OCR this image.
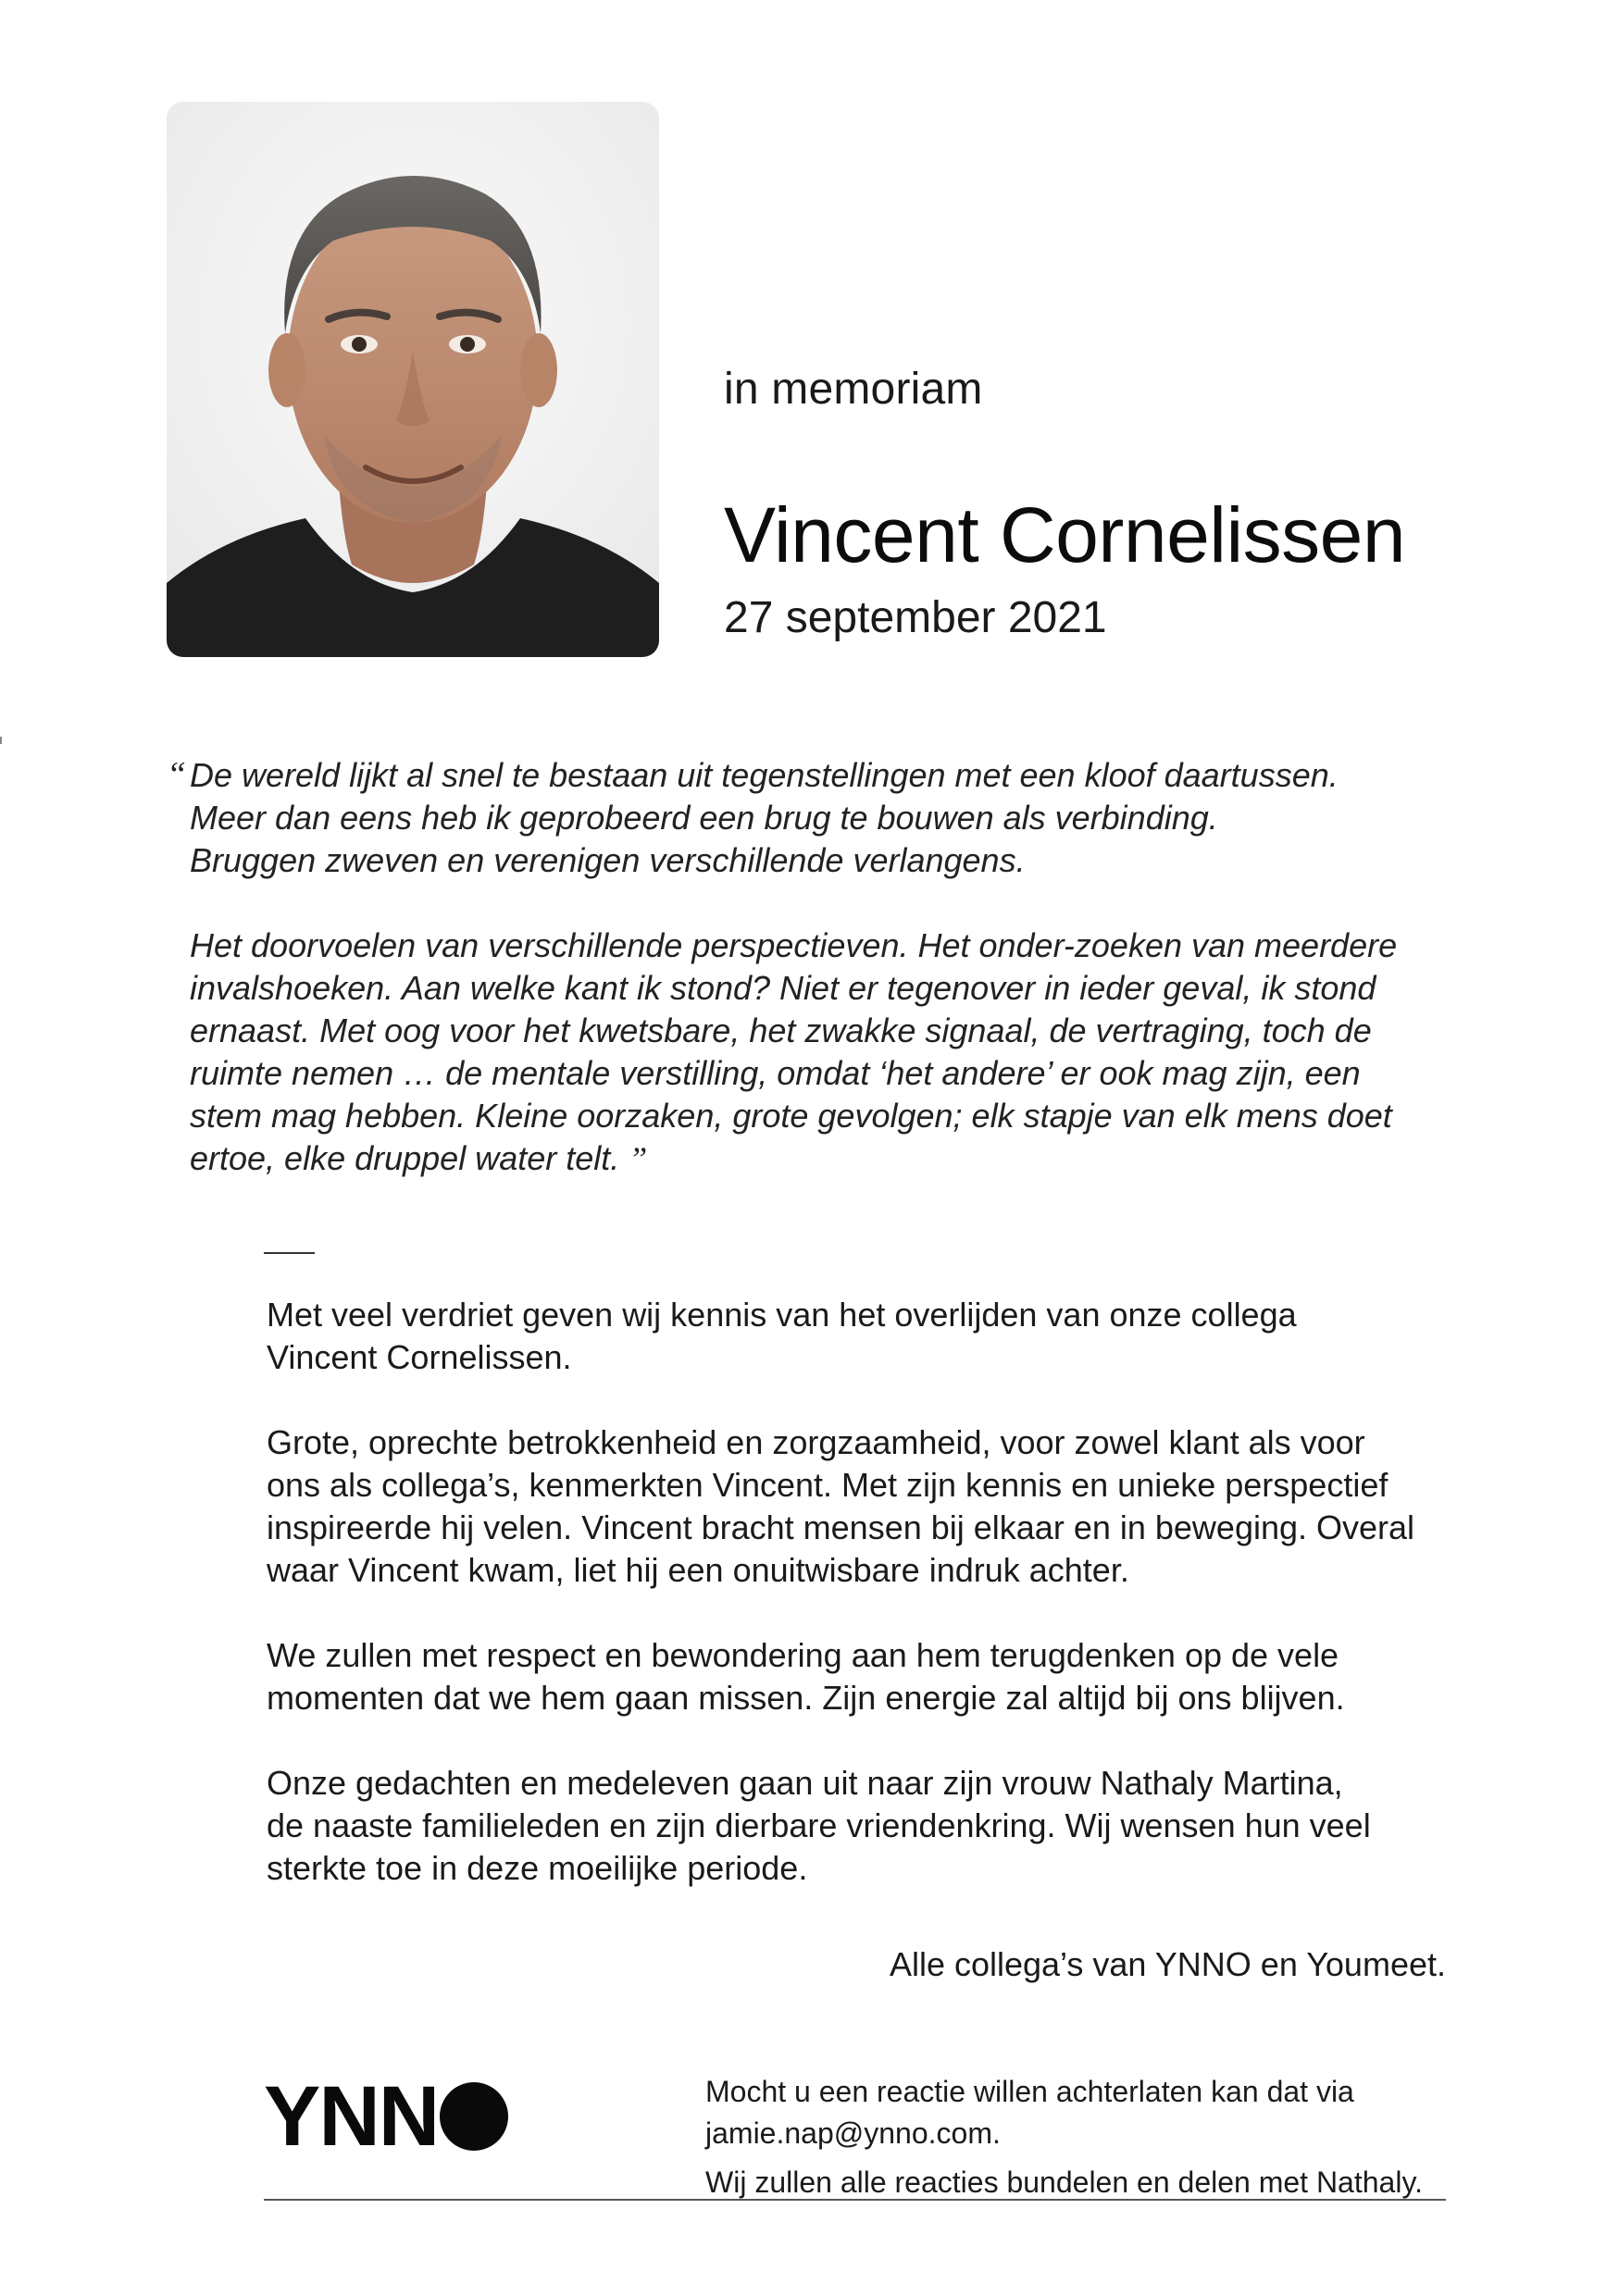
in memoriam
Vincent Cornelissen
27 september 2021
“ De wereld lijkt al snel te bestaan uit tegenstellingen met een kloof daartussen.
Meer dan eens heb ik geprobeerd een brug te bouwen als verbinding.
Bruggen zweven en verenigen verschillende verlangens.
Het doorvoelen van verschillende perspectieven. Het onder-zoeken van meerdere
invalshoeken. Aan welke kant ik stond? Niet er tegenover in ieder geval, ik stond
ernaast. Met oog voor het kwetsbare, het zwakke signaal, de vertraging, toch de
ruimte nemen … de mentale verstilling, omdat ‘het andere’ er ook mag zijn, een
stem mag hebben. Kleine oorzaken, grote gevolgen; elk stapje van elk mens doet
ertoe, elke druppel water telt. ”
Met veel verdriet geven wij kennis van het overlijden van onze collega
Vincent Cornelissen.
Grote, oprechte betrokkenheid en zorgzaamheid, voor zowel klant als voor
ons als collega’s, kenmerkten Vincent. Met zijn kennis en unieke perspectief
inspireerde hij velen. Vincent bracht mensen bij elkaar en in beweging. Overal
waar Vincent kwam, liet hij een onuitwisbare indruk achter.
We zullen met respect en bewondering aan hem terugdenken op de vele
momenten dat we hem gaan missen. Zijn energie zal altijd bij ons blijven.
Onze gedachten en medeleven gaan uit naar zijn vrouw Nathaly Martina,
de naaste familieleden en zijn dierbare vriendenkring. Wij wensen hun veel
sterkte toe in deze moeilijke periode.
Alle collega’s van YNNO en Youmeet.
YNN	Mocht u een reactie willen achterlaten kan dat via
jamie.nap@ynno.com.
Wij zullen alle reacties bundelen en delen met Nathaly.
